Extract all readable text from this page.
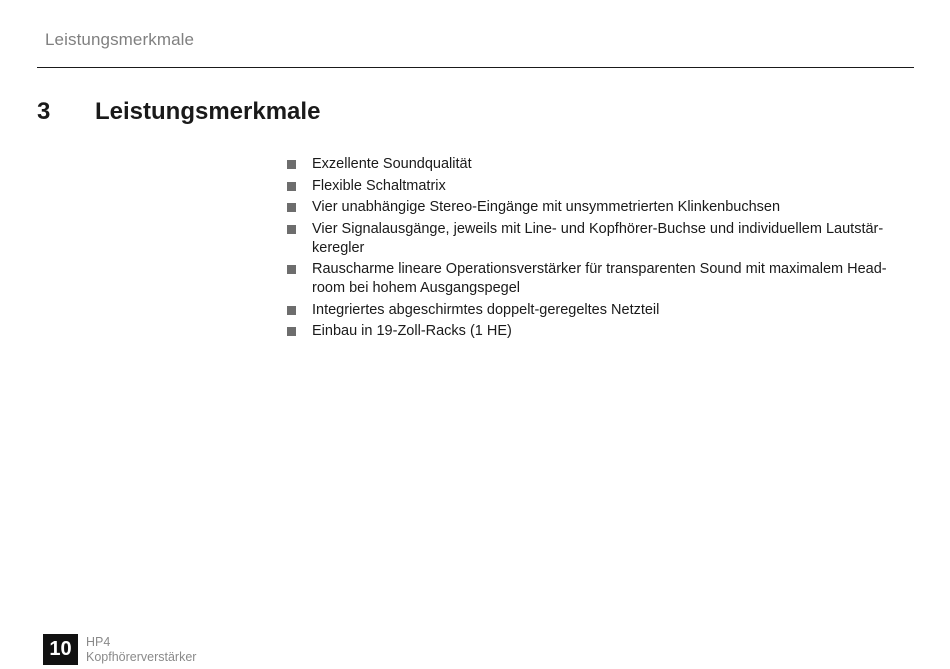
Leistungsmerkmale
3 Leistungsmerkmale
Exzellente Soundqualität
Flexible Schaltmatrix
Vier unabhängige Stereo-Eingänge mit unsymmetrierten Klinkenbuchsen
Vier Signalausgänge, jeweils mit Line- und Kopfhörer-Buchse und individuellem Lautstär-keregler
Rauscharme lineare Operationsverstärker für transparenten Sound mit maximalem Head-room bei hohem Ausgangspegel
Integriertes abgeschirmtes doppelt-geregeltes Netzteil
Einbau in 19-Zoll-Racks (1 HE)
10	HP4
Kopfhörerverstärker
